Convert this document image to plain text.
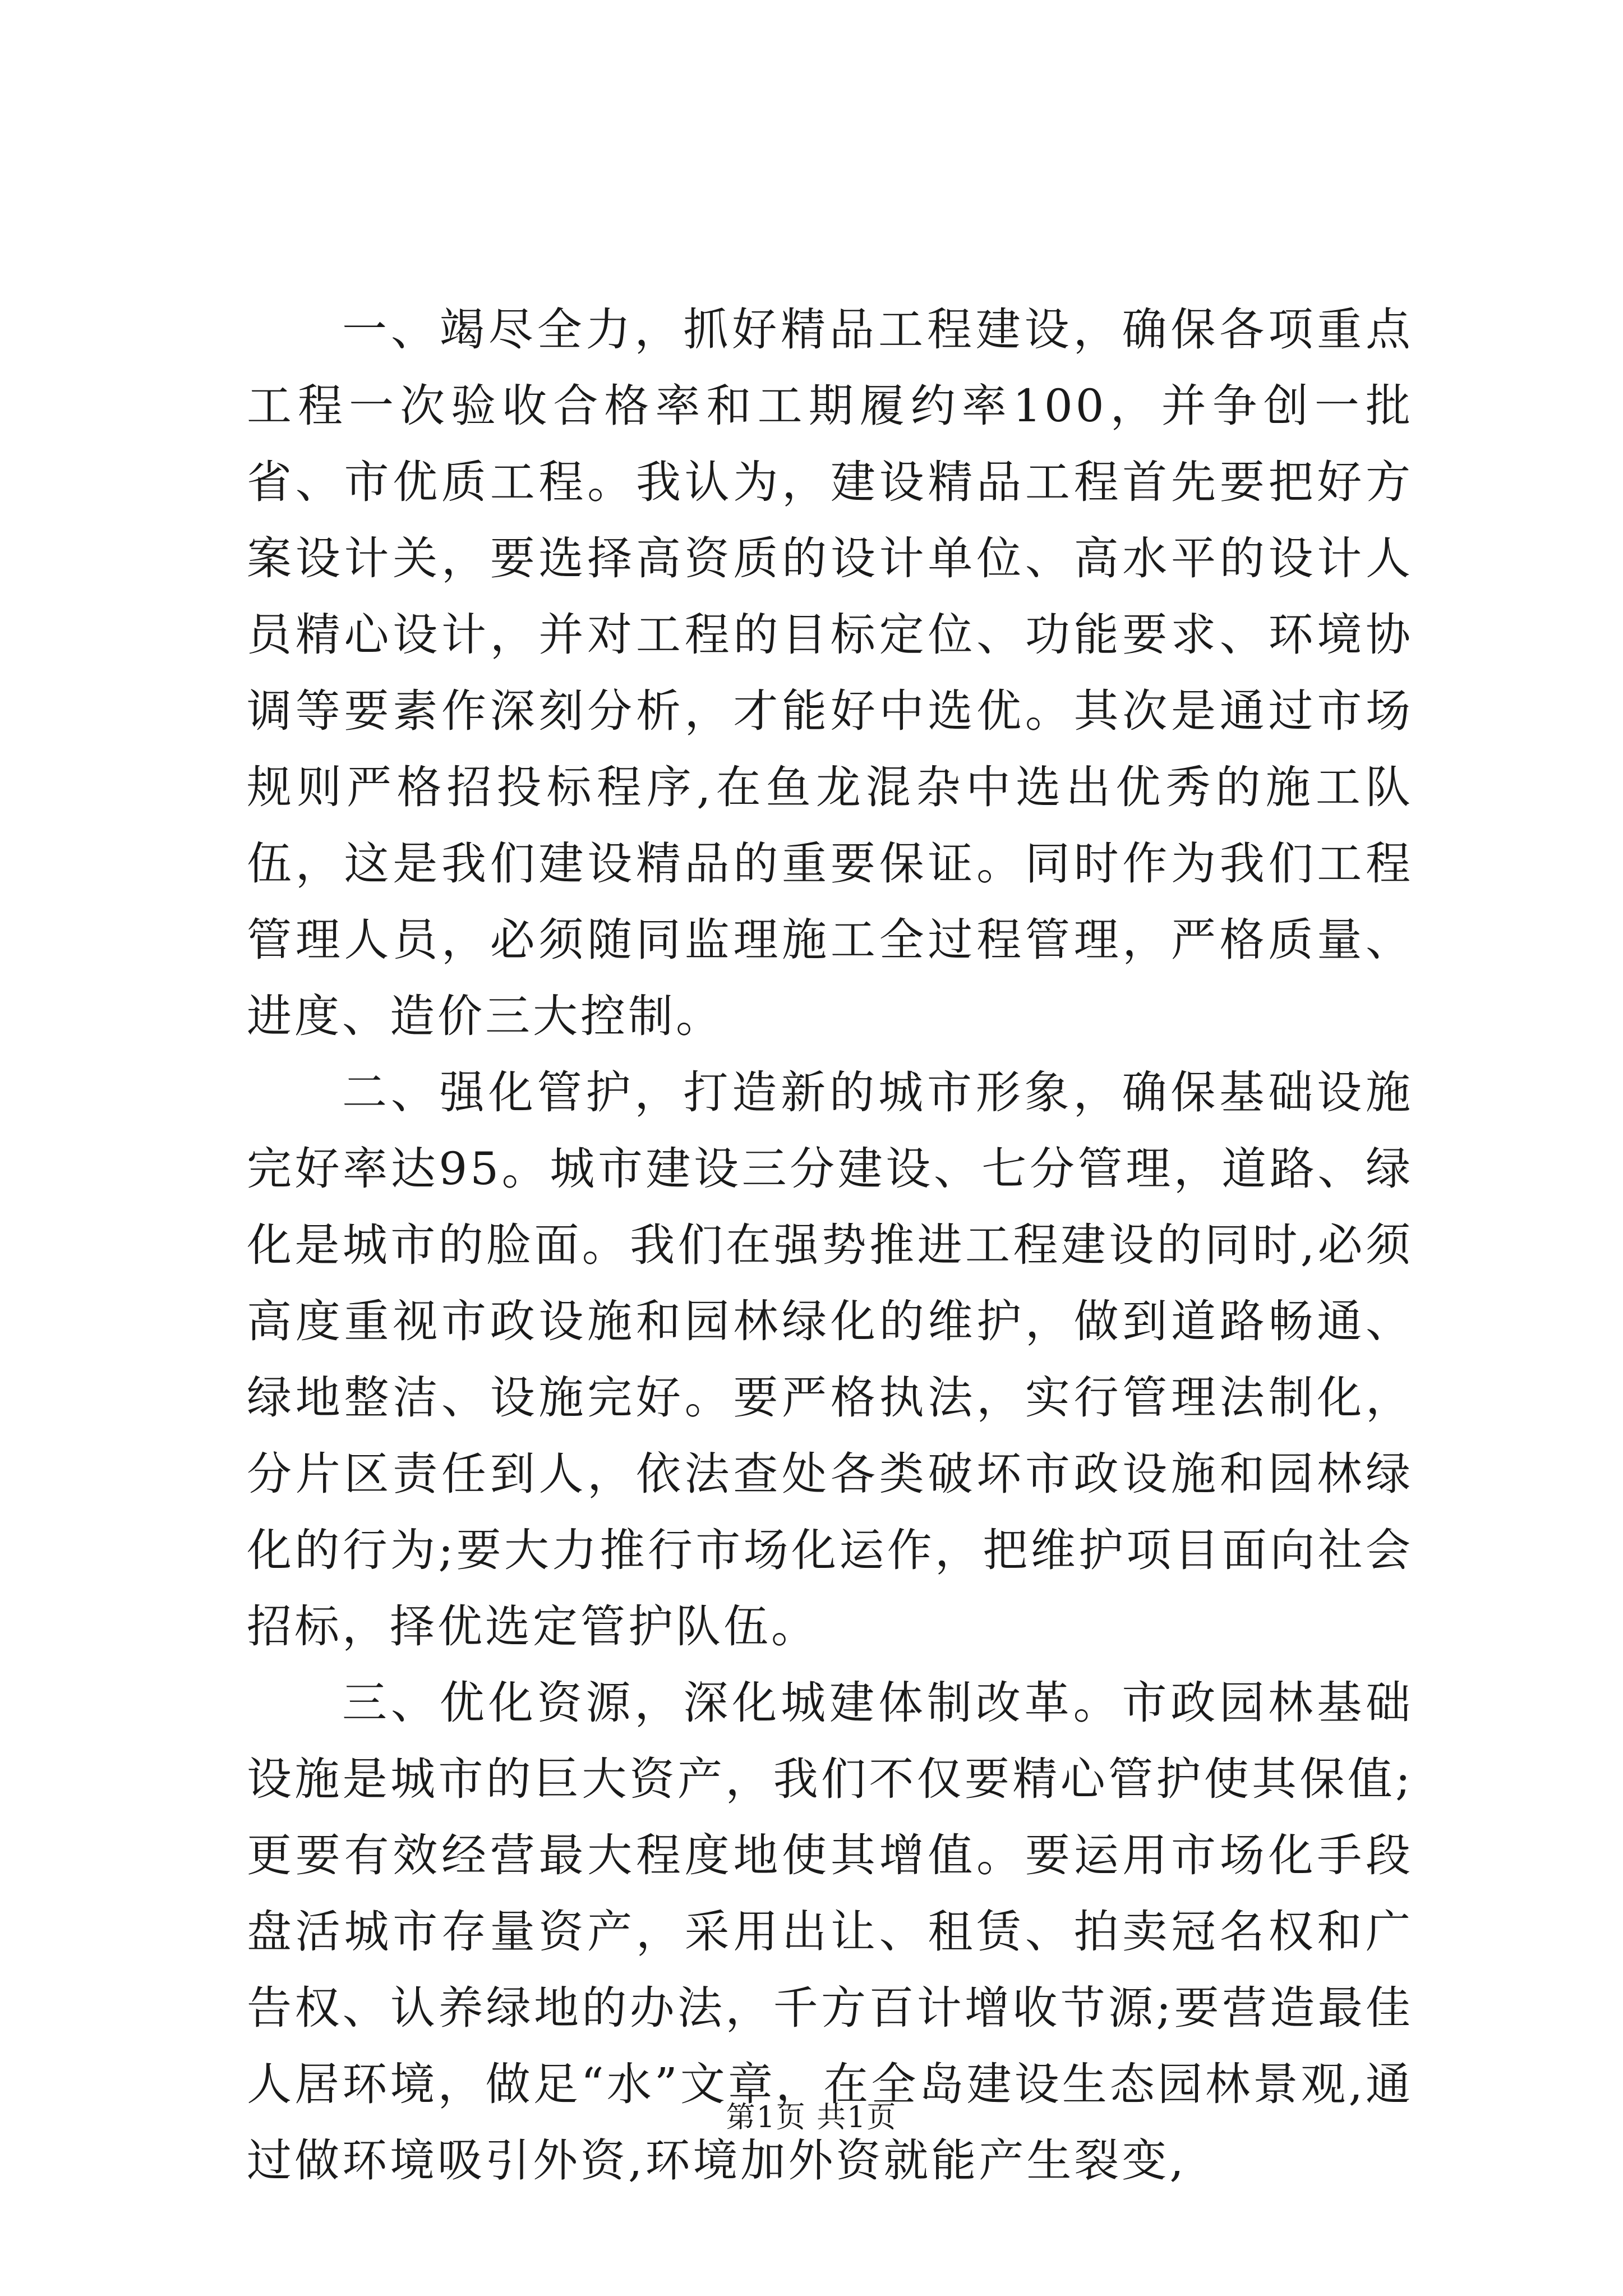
一、竭尽全力，抓好精品工程建设，确保各项重点工程一次验收合格率和工期履约率100，并争创一批省、市优质工程。我认为，建设精品工程首先要把好方案设计关，要选择高资质的设计单位、高水平的设计人员精心设计，并对工程的目标定位、功能要求、环境协调等要素作深刻分析，才能好中选优。其次是通过市场规则严格招投标程序,在鱼龙混杂中选出优秀的施工队伍，这是我们建设精品的重要保证。同时作为我们工程管理人员，必须随同监理施工全过程管理，严格质量、进度、造价三大控制。

二、强化管护，打造新的城市形象，确保基础设施完好率达95。城市建设三分建设、七分管理，道路、绿化是城市的脸面。我们在强势推进工程建设的同时,必须高度重视市政设施和园林绿化的维护，做到道路畅通、绿地整洁、设施完好。要严格执法，实行管理法制化，分片区责任到人，依法查处各类破坏市政设施和园林绿化的行为;要大力推行市场化运作，把维护项目面向社会招标，择优选定管护队伍。

三、优化资源，深化城建体制改革。市政园林基础设施是城市的巨大资产，我们不仅要精心管护使其保值;更要有效经营最大程度地使其增值。要运用市场化手段盘活城市存量资产，采用出让、租赁、拍卖冠名权和广告权、认养绿地的办法，千方百计增收节源;要营造最佳人居环境，做足“水”文章，在全岛建设生态园林景观,通过做环境吸引外资,环境加外资就能产生裂变,

第1页 共1页
